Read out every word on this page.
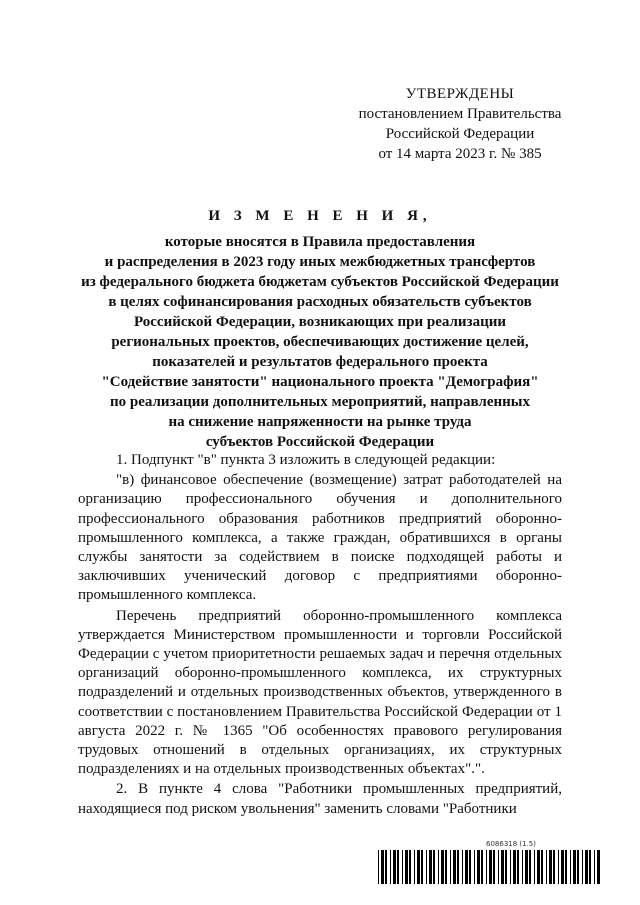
УТВЕРЖДЕНЫ
постановлением Правительства
Российской Федерации
от 14 марта 2023 г. № 385
И З М Е Н Е Н И Я,
которые вносятся в Правила предоставления
и распределения в 2023 году иных межбюджетных трансфертов
из федерального бюджета бюджетам субъектов Российской Федерации
в целях софинансирования расходных обязательств субъектов
Российской Федерации, возникающих при реализации
региональных проектов, обеспечивающих достижение целей,
показателей и результатов федерального проекта
"Содействие занятости" национального проекта "Демография"
по реализации дополнительных мероприятий, направленных
на снижение напряженности на рынке труда
субъектов Российской Федерации

1. Подпункт "в" пункта 3 изложить в следующей редакции:

"в) финансовое обеспечение (возмещение) затрат работодателей на организацию профессионального обучения и дополнительного профессионального образования работников предприятий оборонно-промышленного комплекса, а также граждан, обратившихся в органы службы занятости за содействием в поиске подходящей работы и заключивших ученический договор с предприятиями оборонно-промышленного комплекса.

Перечень предприятий оборонно-промышленного комплекса утверждается Министерством промышленности и торговли Российской Федерации с учетом приоритетности решаемых задач и перечня отдельных организаций оборонно-промышленного комплекса, их структурных подразделений и отдельных производственных объектов, утвержденного в соответствии с постановлением Правительства Российской Федерации от 1 августа 2022 г. № 1365 "Об особенностях правового регулирования трудовых отношений в отдельных организациях, их структурных подразделениях и на отдельных производственных объектах".".

2. В пункте 4 слова "Работники промышленных предприятий, находящиеся под риском увольнения" заменить словами "Работники

6086318 (1.5)
